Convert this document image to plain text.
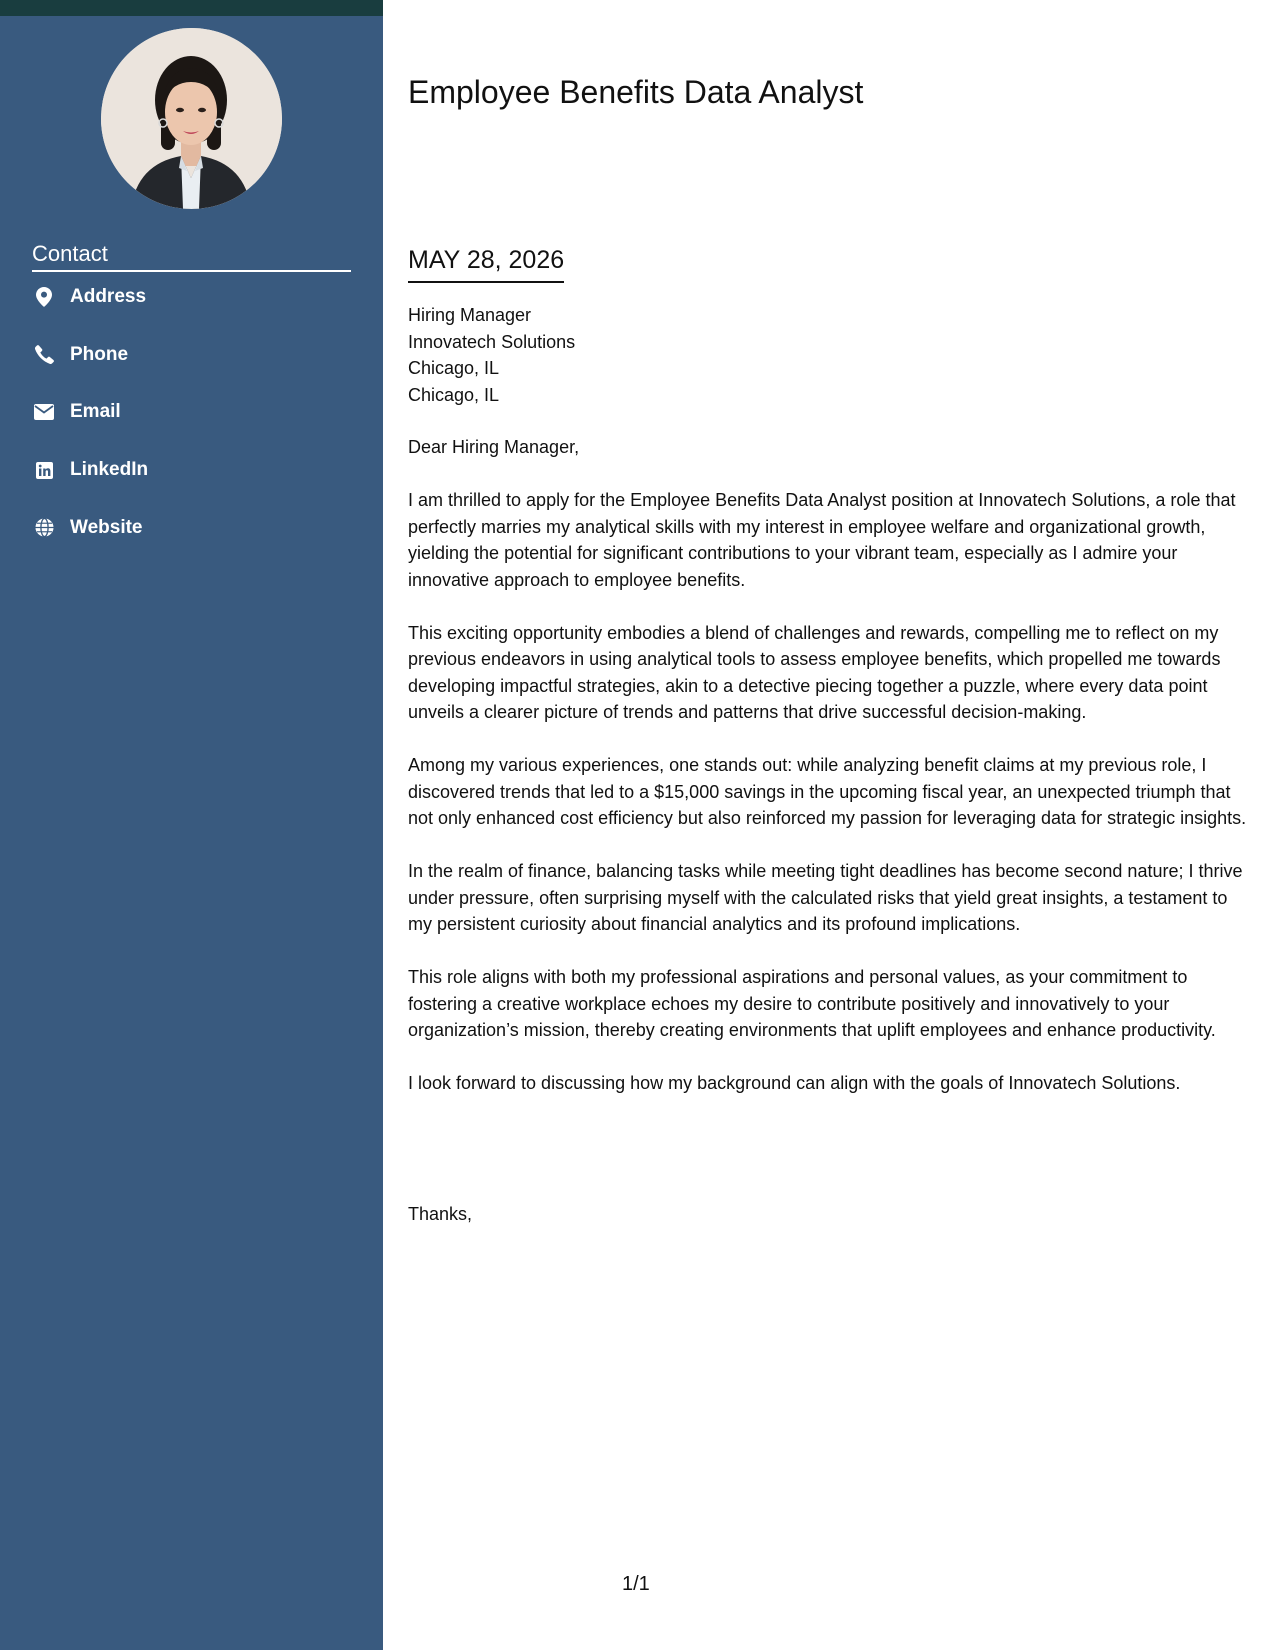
Contact
Address
Phone
Email
LinkedIn
Website
Employee Benefits Data Analyst
MAY 28, 2026
Hiring Manager
Innovatech Solutions
Chicago, IL
Chicago, IL
Dear Hiring Manager,

I am thrilled to apply for the Employee Benefits Data Analyst position at Innovatech Solutions, a role that perfectly marries my analytical skills with my interest in employee welfare and organizational growth, yielding the potential for significant contributions to your vibrant team, especially as I admire your innovative approach to employee benefits.

This exciting opportunity embodies a blend of challenges and rewards, compelling me to reflect on my previous endeavors in using analytical tools to assess employee benefits, which propelled me towards developing impactful strategies, akin to a detective piecing together a puzzle, where every data point unveils a clearer picture of trends and patterns that drive successful decision-making.

Among my various experiences, one stands out: while analyzing benefit claims at my previous role, I discovered trends that led to a $15,000 savings in the upcoming fiscal year, an unexpected triumph that not only enhanced cost efficiency but also reinforced my passion for leveraging data for strategic insights.

In the realm of finance, balancing tasks while meeting tight deadlines has become second nature; I thrive under pressure, often surprising myself with the calculated risks that yield great insights, a testament to my persistent curiosity about financial analytics and its profound implications.

This role aligns with both my professional aspirations and personal values, as your commitment to fostering a creative workplace echoes my desire to contribute positively and innovatively to your organization’s mission, thereby creating environments that uplift employees and enhance productivity.

I look forward to discussing how my background can align with the goals of Innovatech Solutions.

Thanks,
1/1
